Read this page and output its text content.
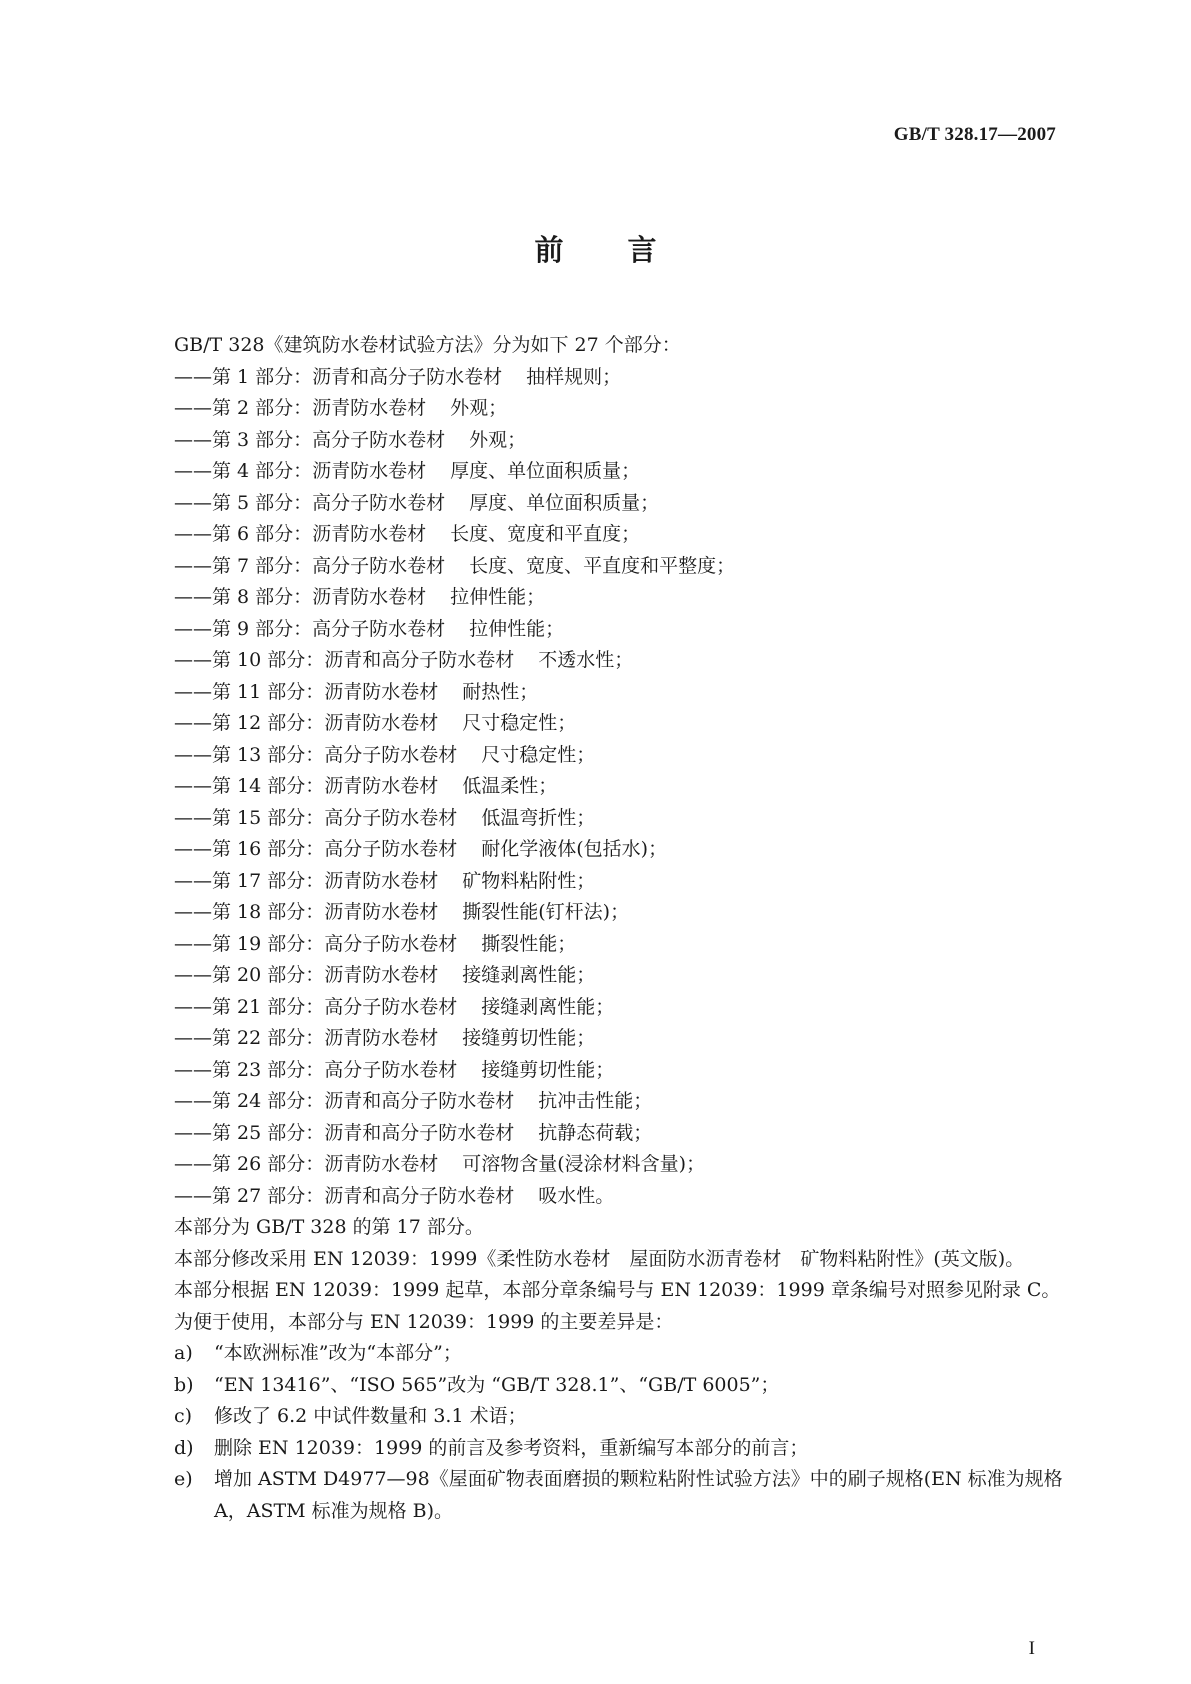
GB/T 328.17—2007
前 言
GB/T 328《建筑防水卷材试验方法》分为如下 27 个部分：
——第 1 部分：沥青和高分子防水卷材 抽样规则；
——第 2 部分：沥青防水卷材 外观；
——第 3 部分：高分子防水卷材 外观；
——第 4 部分：沥青防水卷材 厚度、单位面积质量；
——第 5 部分：高分子防水卷材 厚度、单位面积质量；
——第 6 部分：沥青防水卷材 长度、宽度和平直度；
——第 7 部分：高分子防水卷材 长度、宽度、平直度和平整度；
——第 8 部分：沥青防水卷材 拉伸性能；
——第 9 部分：高分子防水卷材 拉伸性能；
——第 10 部分：沥青和高分子防水卷材 不透水性；
——第 11 部分：沥青防水卷材 耐热性；
——第 12 部分：沥青防水卷材 尺寸稳定性；
——第 13 部分：高分子防水卷材 尺寸稳定性；
——第 14 部分：沥青防水卷材 低温柔性；
——第 15 部分：高分子防水卷材 低温弯折性；
——第 16 部分：高分子防水卷材 耐化学液体(包括水)；
——第 17 部分：沥青防水卷材 矿物料粘附性；
——第 18 部分：沥青防水卷材 撕裂性能(钉杆法)；
——第 19 部分：高分子防水卷材 撕裂性能；
——第 20 部分：沥青防水卷材 接缝剥离性能；
——第 21 部分：高分子防水卷材 接缝剥离性能；
——第 22 部分：沥青防水卷材 接缝剪切性能；
——第 23 部分：高分子防水卷材 接缝剪切性能；
——第 24 部分：沥青和高分子防水卷材 抗冲击性能；
——第 25 部分：沥青和高分子防水卷材 抗静态荷载；
——第 26 部分：沥青防水卷材 可溶物含量(浸涂材料含量)；
——第 27 部分：沥青和高分子防水卷材 吸水性。
本部分为 GB/T 328 的第 17 部分。
本部分修改采用 EN 12039：1999《柔性防水卷材　屋面防水沥青卷材　矿物料粘附性》(英文版)。
本部分根据 EN 12039：1999 起草，本部分章条编号与 EN 12039：1999 章条编号对照参见附录 C。
为便于使用，本部分与 EN 12039：1999 的主要差异是：
a)	“本欧洲标准”改为“本部分”；
b)	“EN 13416”、“ISO 565”改为 “GB/T 328.1”、“GB/T 6005”；
c)	修改了 6.2 中试件数量和 3.1 术语；
d)	删除 EN 12039：1999 的前言及参考资料，重新编写本部分的前言；
e)	增加 ASTM D4977—98《屋面矿物表面磨损的颗粒粘附性试验方法》中的刷子规格(EN 标准为规格 A，ASTM 标准为规格 B)。
I
